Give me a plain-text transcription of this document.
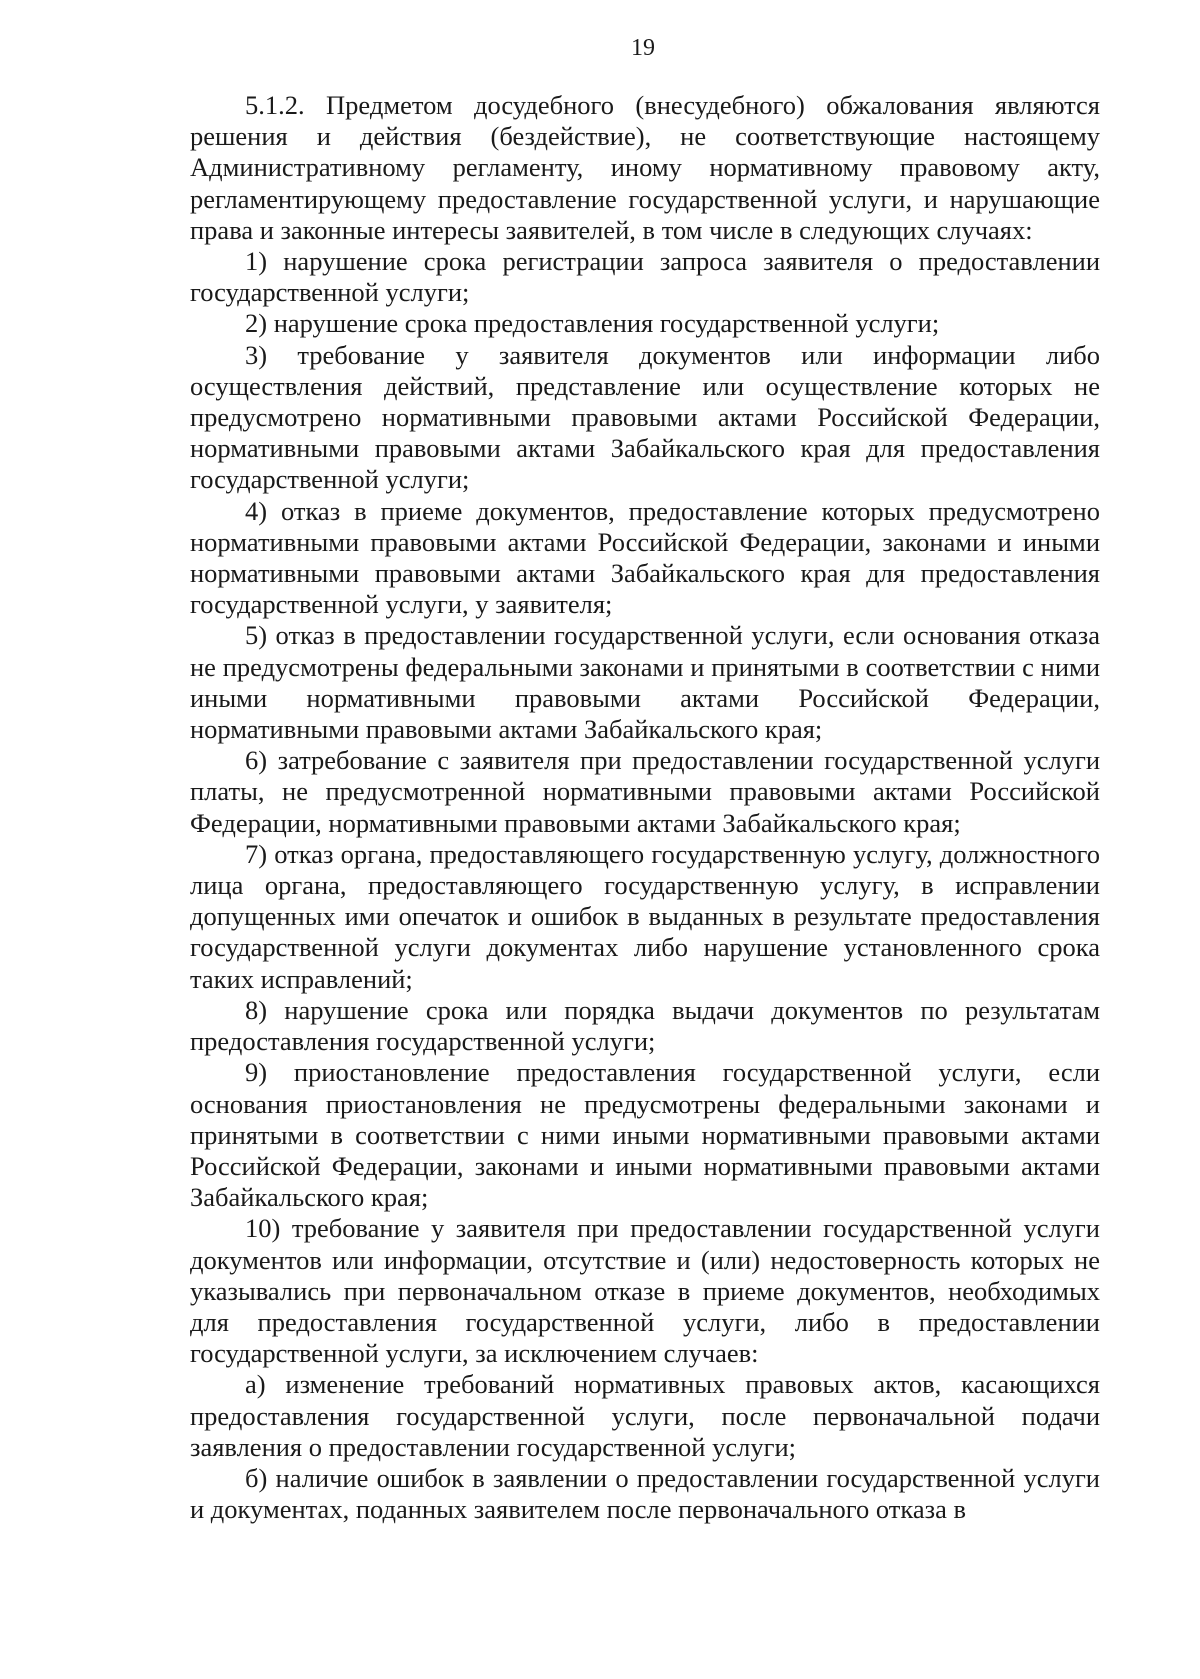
19

5.1.2. Предметом досудебного (внесудебного) обжалования являются решения и действия (бездействие), не соответствующие настоящему Административному регламенту, иному нормативному правовому акту, регламентирующему предоставление государственной услуги, и нарушающие права и законные интересы заявителей, в том числе в следующих случаях:

1) нарушение срока регистрации запроса заявителя о предоставлении государственной услуги;

2) нарушение срока предоставления государственной услуги;

3) требование у заявителя документов или информации либо осуществления действий, представление или осуществление которых не предусмотрено нормативными правовыми актами Российской Федерации, нормативными правовыми актами Забайкальского края для предоставления государственной услуги;

4) отказ в приеме документов, предоставление которых предусмотрено нормативными правовыми актами Российской Федерации, законами и иными нормативными правовыми актами Забайкальского края для предоставления государственной услуги, у заявителя;

5) отказ в предоставлении государственной услуги, если основания отказа не предусмотрены федеральными законами и принятыми в соответствии с ними иными нормативными правовыми актами Российской Федерации, нормативными правовыми актами Забайкальского края;

6) затребование с заявителя при предоставлении государственной услуги платы, не предусмотренной нормативными правовыми актами Российской Федерации, нормативными правовыми актами Забайкальского края;

7) отказ органа, предоставляющего государственную услугу, должностного лица органа, предоставляющего государственную услугу, в исправлении допущенных ими опечаток и ошибок в выданных в результате предоставления государственной услуги документах либо нарушение установленного срока таких исправлений;

8) нарушение срока или порядка выдачи документов по результатам предоставления государственной услуги;

9) приостановление предоставления государственной услуги, если основания приостановления не предусмотрены федеральными законами и принятыми в соответствии с ними иными нормативными правовыми актами Российской Федерации, законами и иными нормативными правовыми актами Забайкальского края;

10) требование у заявителя при предоставлении государственной услуги документов или информации, отсутствие и (или) недостоверность которых не указывались при первоначальном отказе в приеме документов, необходимых для предоставления государственной услуги, либо в предоставлении государственной услуги, за исключением случаев:

а) изменение требований нормативных правовых актов, касающихся предоставления государственной услуги, после первоначальной подачи заявления о предоставлении государственной услуги;

б) наличие ошибок в заявлении о предоставлении государственной услуги и документах, поданных заявителем после первоначального отказа в
